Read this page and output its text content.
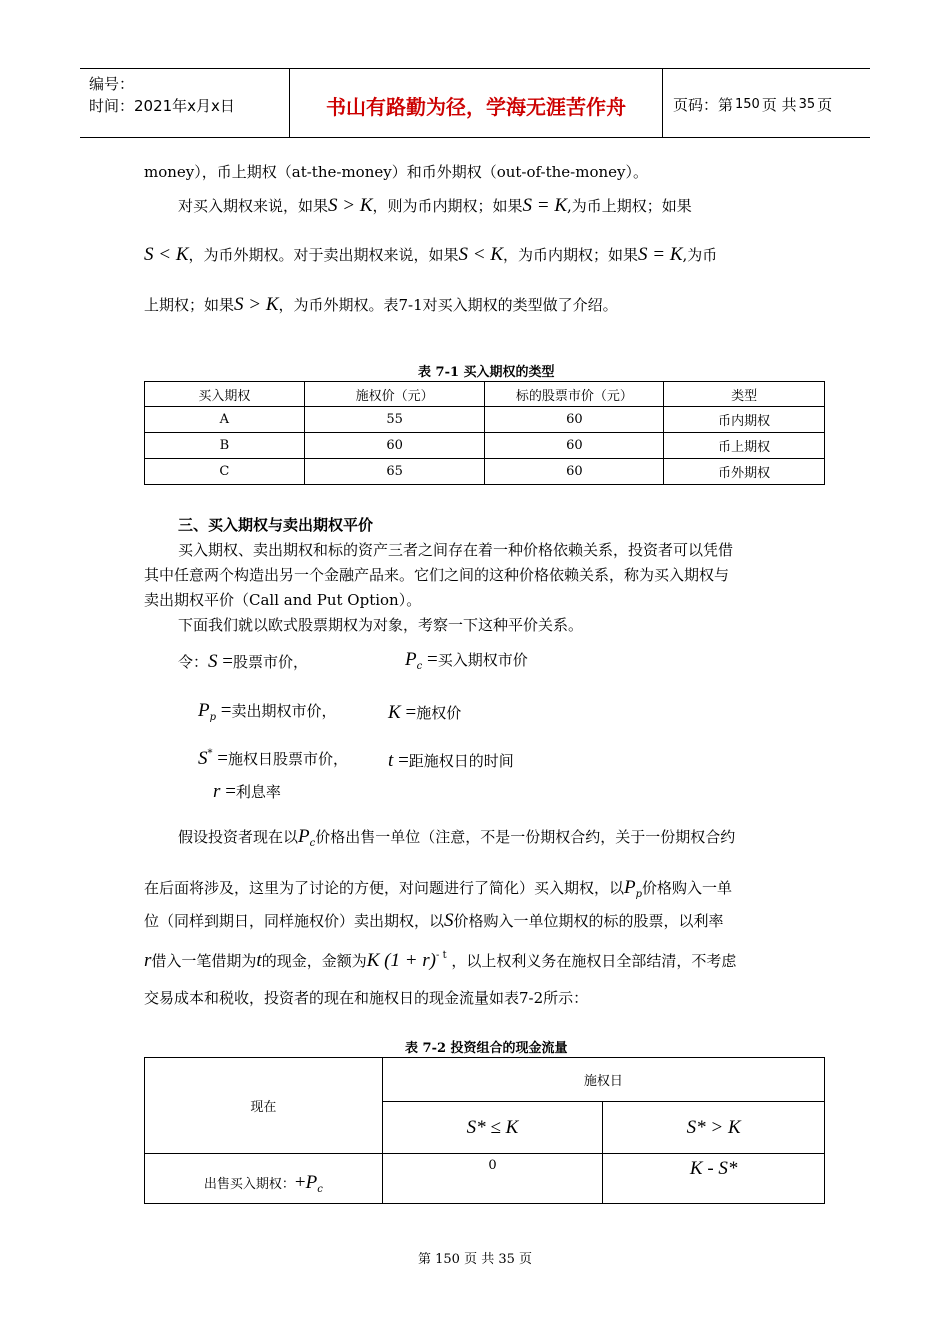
编号：
时间：2021年x月x日	书山有路勤为径，学海无涯苦作舟	页码：第 150 页 共 35 页

money），币上期权（at-the-money）和币外期权（out-of-the-money）。

对买入期权来说，如果S > K，则为币内期权；如果S = K,为币上期权；如果

S < K，为币外期权。对于卖出期权来说，如果S < K，为币内期权；如果S = K,为币

上期权；如果S > K，为币外期权。表7-1对买入期权的类型做了介绍。

表 7-1 买入期权的类型
买入期权	施权价（元）	标的股票市价（元）	类型
A	55	60	币内期权
B	60	60	币上期权
C	65	60	币外期权
三、买入期权与卖出期权平价

买入期权、卖出期权和标的资产三者之间存在着一种价格依赖关系，投资者可以凭借

其中任意两个构造出另一个金融产品来。它们之间的这种价格依赖关系，称为买入期权与

卖出期权平价（Call and Put Option）。

下面我们就以欧式股票期权为对象，考察一下这种平价关系。

令：S =股票市价，	$P_c$ =买入期权市价

$P_p$ =卖出期权市价，	K =施权价

S* =施权日股票市价， t =距施权日的时间

r =利息率

假设投资者现在以$P_c$价格出售一单位（注意，不是一份期权合约，关于一份期权合约

在后面将涉及，这里为了讨论的方便，对问题进行了简化）买入期权，以$P_p$价格购入一单

位（同样到期日，同样施权价）卖出期权，以S价格购入一单位期权的标的股票，以利率

r借入一笔借期为t的现金，金额为K $(1 + r)^{- t}$ ，以上权利义务在施权日全部结清，不考虑

交易成本和税收，投资者的现在和施权日的现金流量如表7-2所示：

表 7-2 投资组合的现金流量
现在	施权日	
	S* ≤ K	S* > K
出售买入期权：$+P_c$	0	K - S*
第 150 页 共 35 页
